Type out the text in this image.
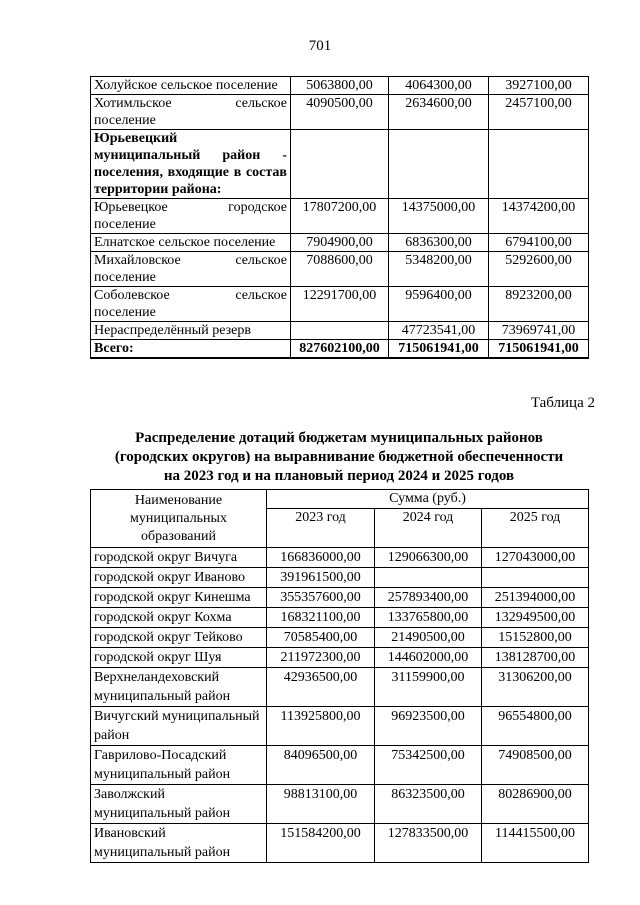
701
Холуйское сельское поселение	5063800,00	4064300,00	3927100,00
Хотимльское сельское поселение	4090500,00	2634600,00	2457100,00
Юрьевецкий муниципальный район - поселения, входящие в состав территории района:			
Юрьевецкое городское поселение	17807200,00	14375000,00	14374200,00
Елнатское сельское поселение	7904900,00	6836300,00	6794100,00
Михайловское сельское поселение	7088600,00	5348200,00	5292600,00
Соболевское сельское поселение	12291700,00	9596400,00	8923200,00
Нераспределённый резерв		47723541,00	73969741,00
Всего:	827602100,00	715061941,00	715061941,00
Таблица 2
Распределение дотаций бюджетам муниципальных районов
(городских округов) на выравнивание бюджетной обеспеченности
на 2023 год и на плановый период 2024 и 2025 годов
Наименование муниципальных образований	Сумма (руб.)		
	2023 год	2024 год	2025 год
городской округ Вичуга	166836000,00	129066300,00	127043000,00
городской округ Иваново	391961500,00		
городской округ Кинешма	355357600,00	257893400,00	251394000,00
городской округ Кохма	168321100,00	133765800,00	132949500,00
городской округ Тейково	70585400,00	21490500,00	15152800,00
городской округ Шуя	211972300,00	144602000,00	138128700,00
Верхнеландеховский муниципальный район	42936500,00	31159900,00	31306200,00
Вичугский муниципальный район	113925800,00	96923500,00	96554800,00
Гаврилово-Посадский муниципальный район	84096500,00	75342500,00	74908500,00
Заволжский муниципальный район	98813100,00	86323500,00	80286900,00
Ивановский муниципальный район	151584200,00	127833500,00	114415500,00
